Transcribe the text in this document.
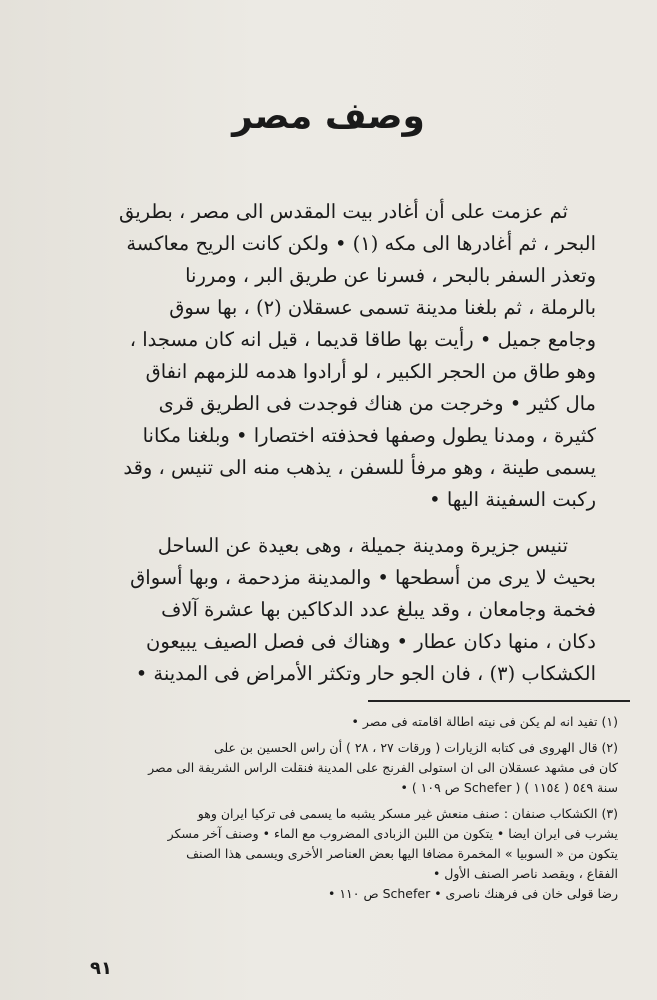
وصف مصر
ثم عزمت على أن أغادر بيت المقدس الى مصر ، بطريق
البحر ، ثم أغادرها الى مكه (١) • ولكن كانت الريح معاكسة
وتعذر السفر بالبحر ، فسرنا عن طريق البر ، ومررنا
بالرملة ، ثم بلغنا مدينة تسمى عسقلان (٢) ، بها سوق
وجامع جميل • رأيت بها طاقا قديما ، قيل انه كان مسجدا ،
وهو طاق من الحجر الكبير ، لو أرادوا هدمه للزمهم انفاق
مال كثير • وخرجت من هناك فوجدت فى الطريق قرى
كثيرة ، ومدنا يطول وصفها فحذفته اختصارا • وبلغنا مكانا
يسمى طينة ، وهو مرفأ للسفن ، يذهب منه الى تنيس ، وقد
ركبت السفينة اليها •
تنيس جزيرة ومدينة جميلة ، وهى بعيدة عن الساحل
بحيث لا يرى من أسطحها • والمدينة مزدحمة ، وبها أسواق
فخمة وجامعان ، وقد يبلغ عدد الدكاكين بها عشرة آلاف
دكان ، منها دكان عطار • وهناك فى فصل الصيف يبيعون
الكشكاب (٣) ، فان الجو حار وتكثر الأمراض فى المدينة •
(١) تفيد انه لم يكن فى نيته اطالة اقامته فى مصر •
(٢) قال الهروى فى كتابه الزيارات ( ورقات ٢٧ ، ٢٨ ) أن راس الحسين بن على
كان فى مشهد عسقلان الى ان استولى الفرنج على المدينة فنقلت الراس الشريفة الى مصر
سنة ٥٤٩ ( ١١٥٤ ) ( Schefer ص ١٠٩ ) •
(٣) الكشكاب صنفان : صنف منعش غير مسكر يشبه ما يسمى فى تركيا ايران وهو
يشرب فى ايران ايضا • يتكون من اللبن الزبادى المضروب مع الماء • وصنف آخر مسكر
يتكون من « السوبيا » المخمرة مضافا اليها بعض العناصر الأخرى ويسمى هذا الصنف
الفقاع ، ويقصد ناصر الصنف الأول •
رضا قولى خان فى فرهنك ناصرى • Schefer ص ١١٠ •
٩١
